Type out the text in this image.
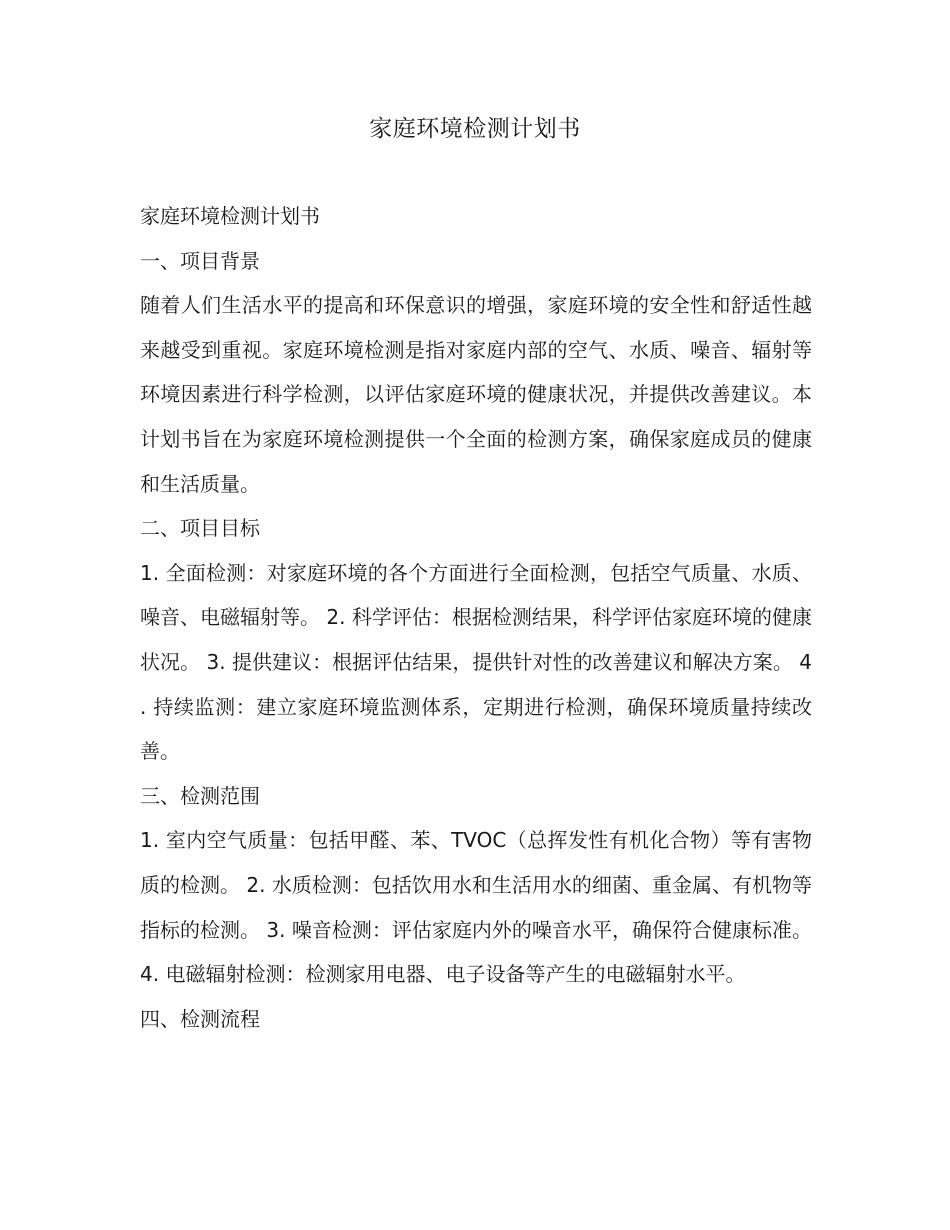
家庭环境检测计划书

家庭环境检测计划书

一、项目背景

随着人们生活水平的提高和环保意识的增强，家庭环境的安全性和舒适性越来越受到重视。家庭环境检测是指对家庭内部的空气、水质、噪音、辐射等环境因素进行科学检测，以评估家庭环境的健康状况，并提供改善建议。本计划书旨在为家庭环境检测提供一个全面的检测方案，确保家庭成员的健康和生活质量。

二、项目目标

1. 全面检测：对家庭环境的各个方面进行全面检测，包括空气质量、水质、噪音、电磁辐射等。 2. 科学评估：根据检测结果，科学评估家庭环境的健康状况。 3. 提供建议：根据评估结果，提供针对性的改善建议和解决方案。 4. 持续监测：建立家庭环境监测体系，定期进行检测，确保环境质量持续改善。

三、检测范围

1. 室内空气质量：包括甲醛、苯、TVOC（总挥发性有机化合物）等有害物质的检测。 2. 水质检测：包括饮用水和生活用水的细菌、重金属、有机物等指标的检测。 3. 噪音检测：评估家庭内外的噪音水平，确保符合健康标准。 4. 电磁辐射检测：检测家用电器、电子设备等产生的电磁辐射水平。

四、检测流程
